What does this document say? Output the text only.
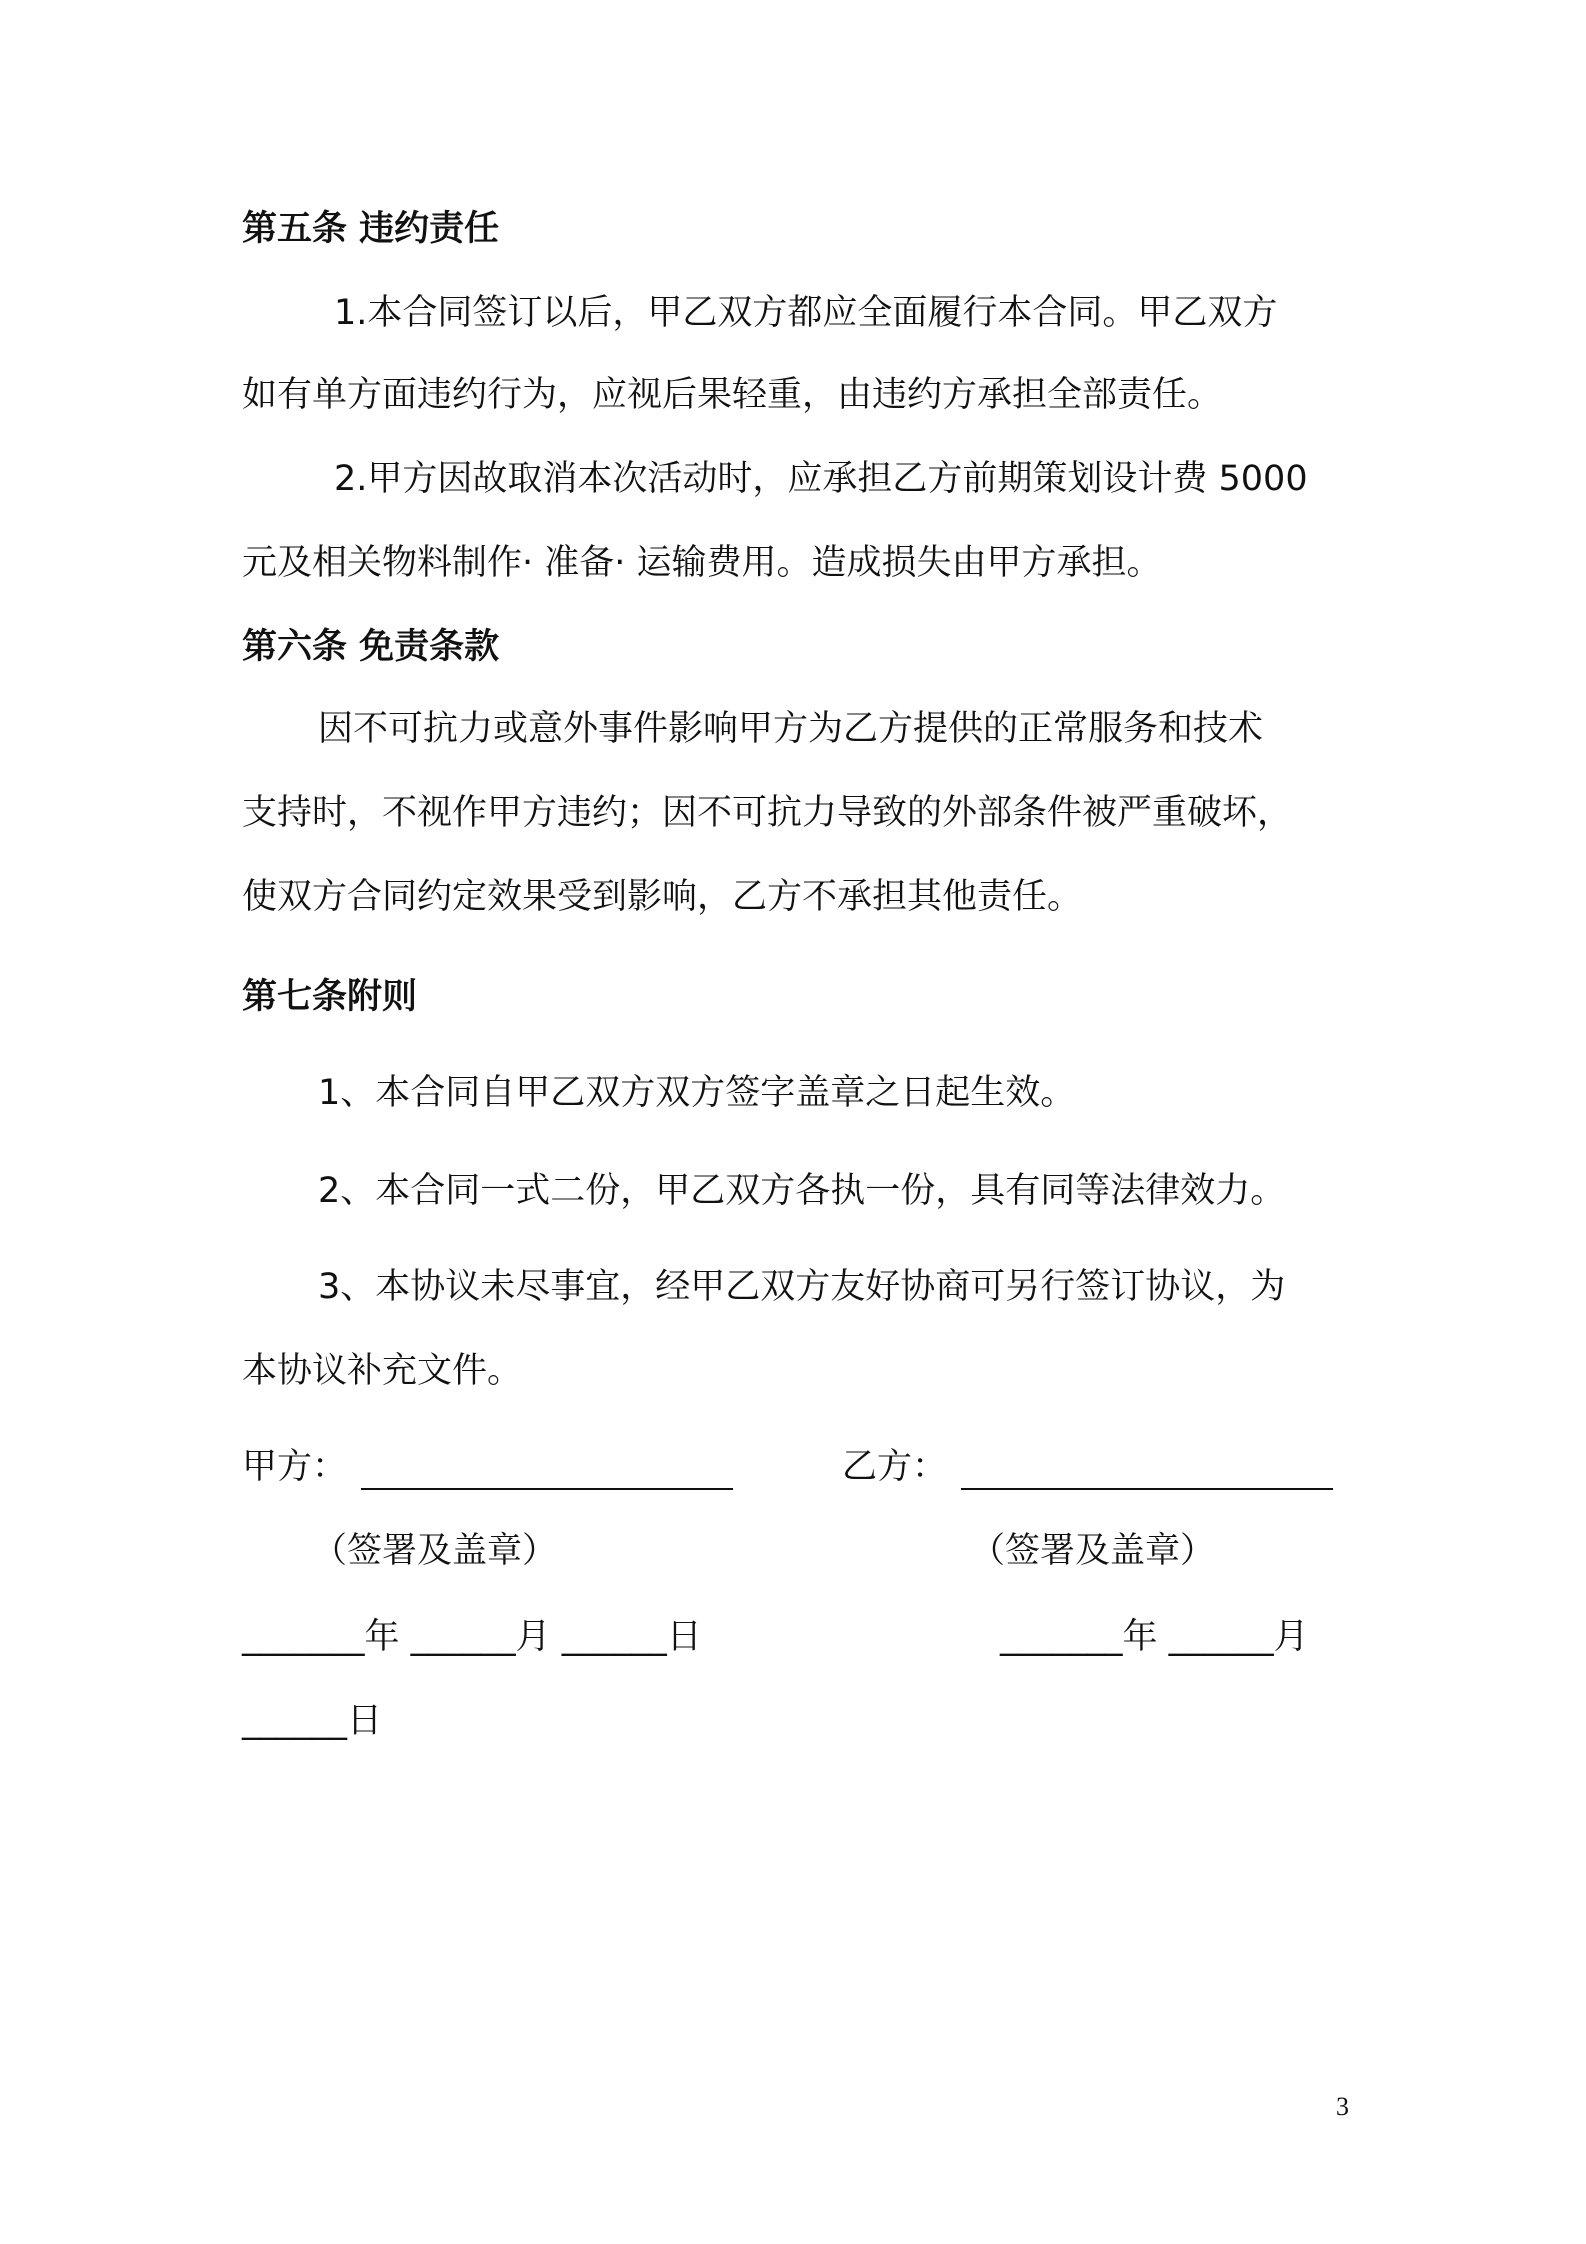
第五条 违约责任
1.本合同签订以后，甲乙双方都应全面履行本合同。甲乙双方
如有单方面违约行为，应视后果轻重，由违约方承担全部责任。
2.甲方因故取消本次活动时，应承担乙方前期策划设计费 5000
元及相关物料制作· 准备· 运输费用。造成损失由甲方承担。
第六条 免责条款
因不可抗力或意外事件影响甲方为乙方提供的正常服务和技术
支持时，不视作甲方违约；因不可抗力导致的外部条件被严重破坏，
使双方合同约定效果受到影响，乙方不承担其他责任。
第七条附则
1、本合同自甲乙双方双方签字盖章之日起生效。
2、本合同一式二份，甲乙双方各执一份，具有同等法律效力。
3、本协议未尽事宜，经甲乙双方友好协商可另行签订协议，为
本协议补充文件。
甲方：	乙方：
（签署及盖章）	（签署及盖章）
_______年 ______月 ______日	_______年 ______月
______日
3
